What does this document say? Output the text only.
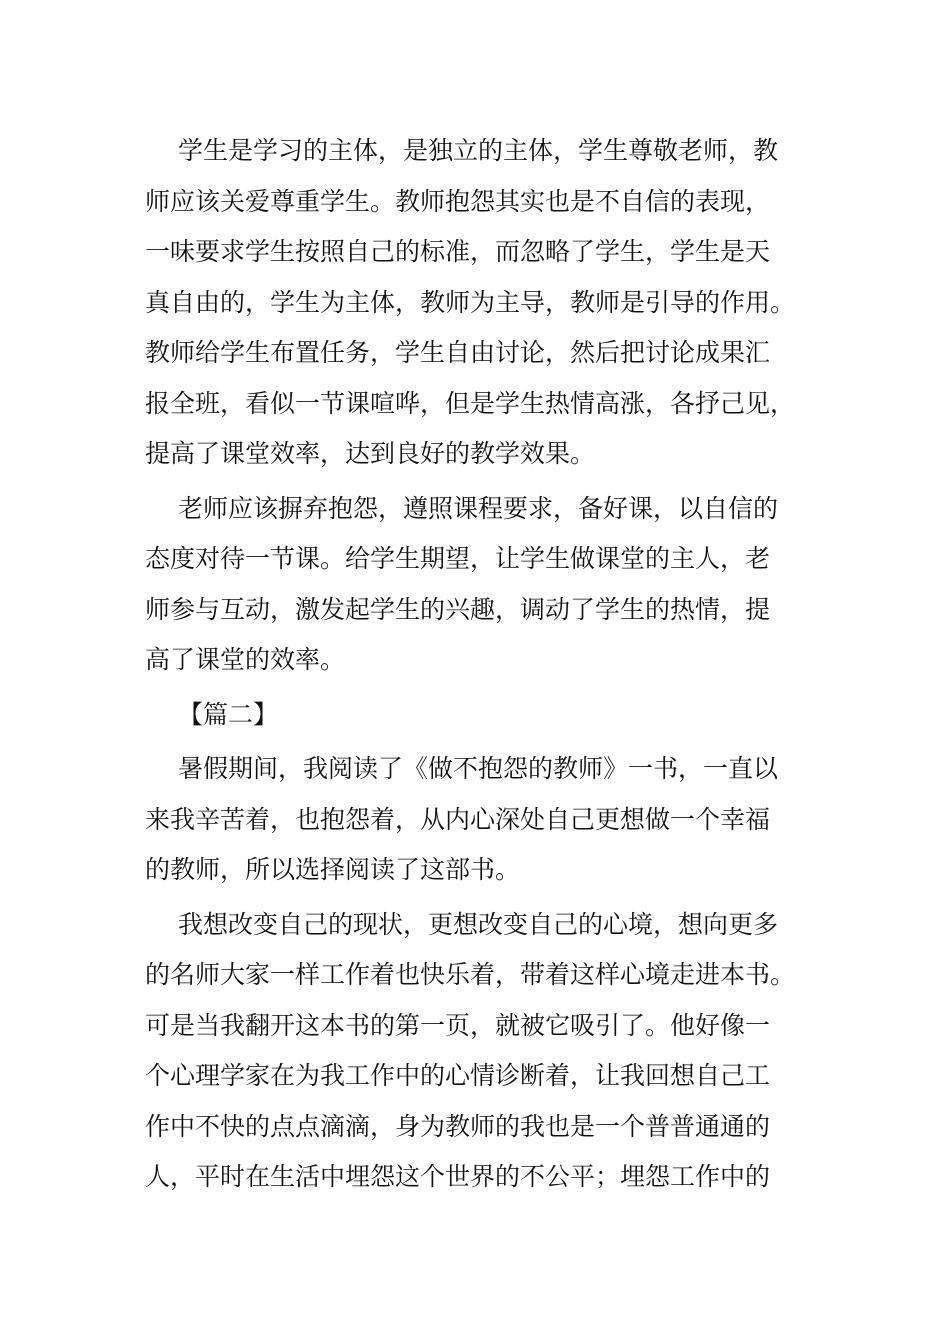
学生是学习的主体，是独立的主体，学生尊敬老师，教
师应该关爱尊重学生。教师抱怨其实也是不自信的表现，
一味要求学生按照自己的标准，而忽略了学生，学生是天
真自由的，学生为主体，教师为主导，教师是引导的作用。
教师给学生布置任务，学生自由讨论，然后把讨论成果汇
报全班，看似一节课喧哗，但是学生热情高涨，各抒己见，
提高了课堂效率，达到良好的教学效果。
老师应该摒弃抱怨，遵照课程要求，备好课，以自信的
态度对待一节课。给学生期望，让学生做课堂的主人，老
师参与互动，激发起学生的兴趣，调动了学生的热情，提
高了课堂的效率。
【篇二】
暑假期间，我阅读了《做不抱怨的教师》一书，一直以
来我辛苦着，也抱怨着，从内心深处自己更想做一个幸福
的教师，所以选择阅读了这部书。
我想改变自己的现状，更想改变自己的心境，想向更多
的名师大家一样工作着也快乐着，带着这样心境走进本书。
可是当我翻开这本书的第一页，就被它吸引了。他好像一
个心理学家在为我工作中的心情诊断着，让我回想自己工
作中不快的点点滴滴，身为教师的我也是一个普普通通的
人，平时在生活中埋怨这个世界的不公平；埋怨工作中的
